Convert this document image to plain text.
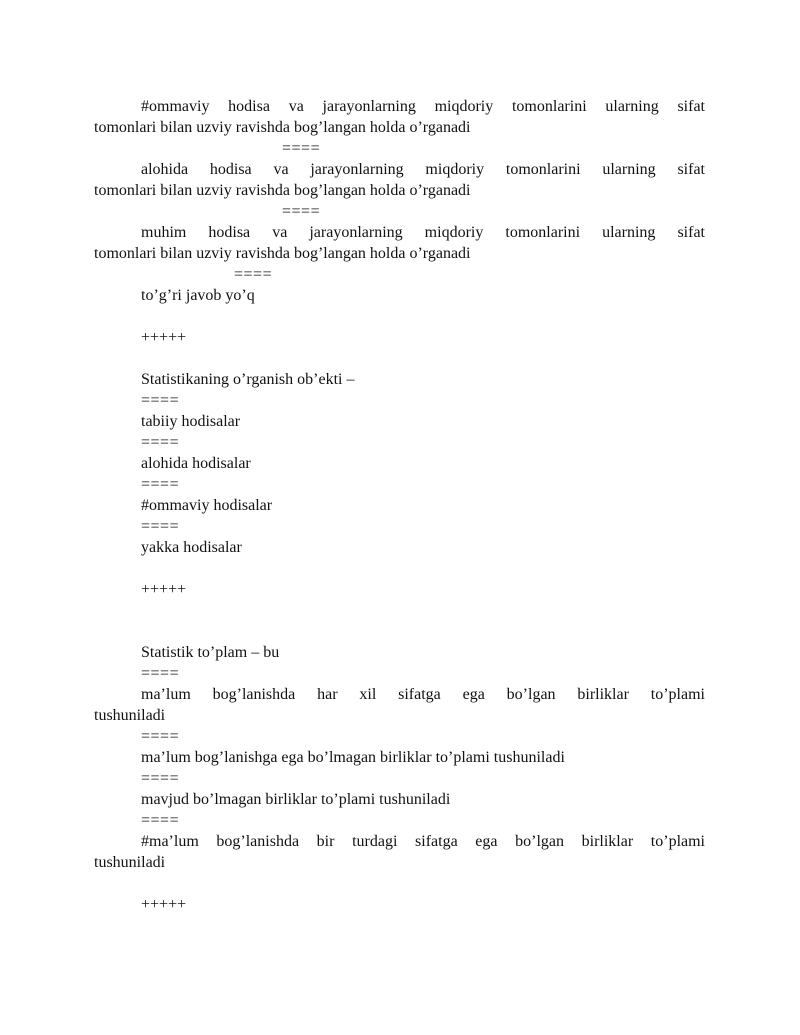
#ommaviy hodisa va jarayonlarning miqdoriy tomonlarini ularning sifat
tomonlari bilan uzviy ravishda bog’langan holda o’rganadi
====
alohida hodisa va jarayonlarning miqdoriy tomonlarini ularning sifat
tomonlari bilan uzviy ravishda bog’langan holda o’rganadi
====
muhim hodisa va jarayonlarning miqdoriy tomonlarini ularning sifat
tomonlari bilan uzviy ravishda bog’langan holda o’rganadi
====
to’g’ri javob yo’q
+++++
Statistikaning o’rganish ob’ekti –
====
tabiiy hodisalar
====
alohida hodisalar
====
#ommaviy hodisalar
====
yakka hodisalar
+++++
Statistik to’plam – bu
====
ma’lum bog’lanishda har xil sifatga ega bo’lgan birliklar to’plami
tushuniladi
====
ma’lum bog’lanishga ega bo’lmagan birliklar to’plami tushuniladi
====
mavjud bo’lmagan birliklar to’plami tushuniladi
====
#ma’lum bog’lanishda bir turdagi sifatga ega bo’lgan birliklar to’plami
tushuniladi
+++++
